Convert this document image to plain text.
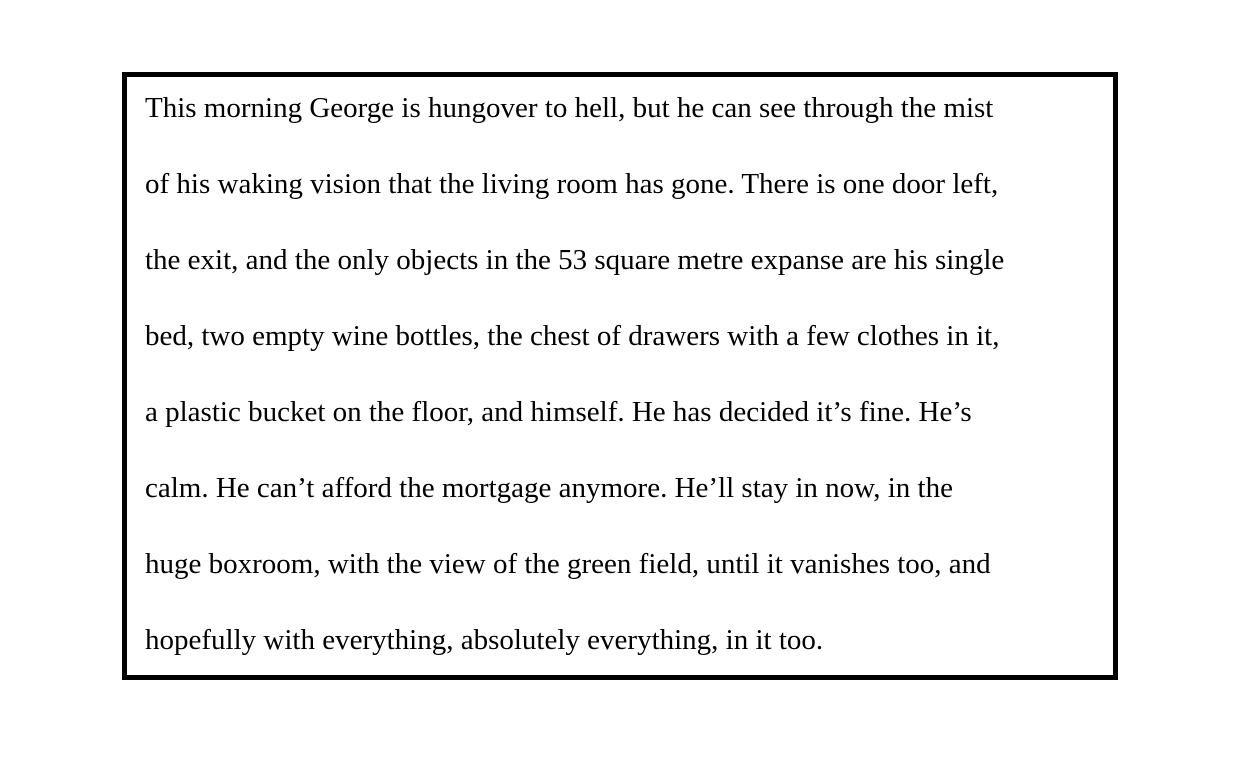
This morning George is hungover to hell, but he can see through the mist
of his waking vision that the living room has gone. There is one door left,
the exit, and the only objects in the 53 square metre expanse are his single
bed, two empty wine bottles, the chest of drawers with a few clothes in it,
a plastic bucket on the floor, and himself. He has decided it’s fine. He’s
calm. He can’t afford the mortgage anymore. He’ll stay in now, in the
huge boxroom, with the view of the green field, until it vanishes too, and
hopefully with everything, absolutely everything, in it too.
